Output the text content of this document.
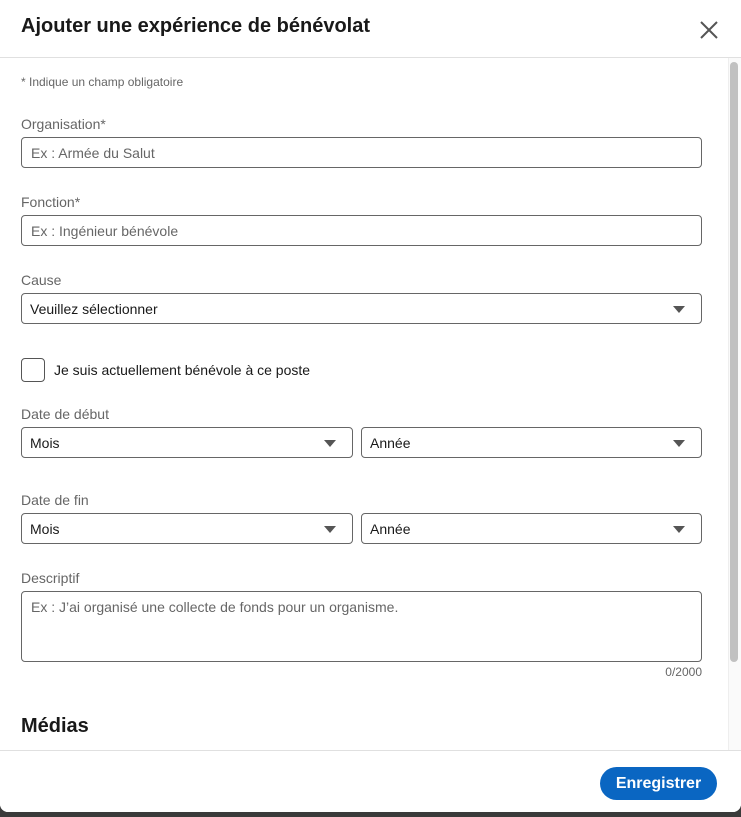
Ajouter une expérience de bénévolat
* Indique un champ obligatoire
Organisation*
Ex : Armée du Salut
Fonction*
Ex : Ingénieur bénévole
Cause
Veuillez sélectionner
Je suis actuellement bénévole à ce poste
Date de début
Mois	Année
Date de fin
Mois	Année
Descriptif
Ex : J’ai organisé une collecte de fonds pour un organisme.
0/2000
Médias
Enregistrer
